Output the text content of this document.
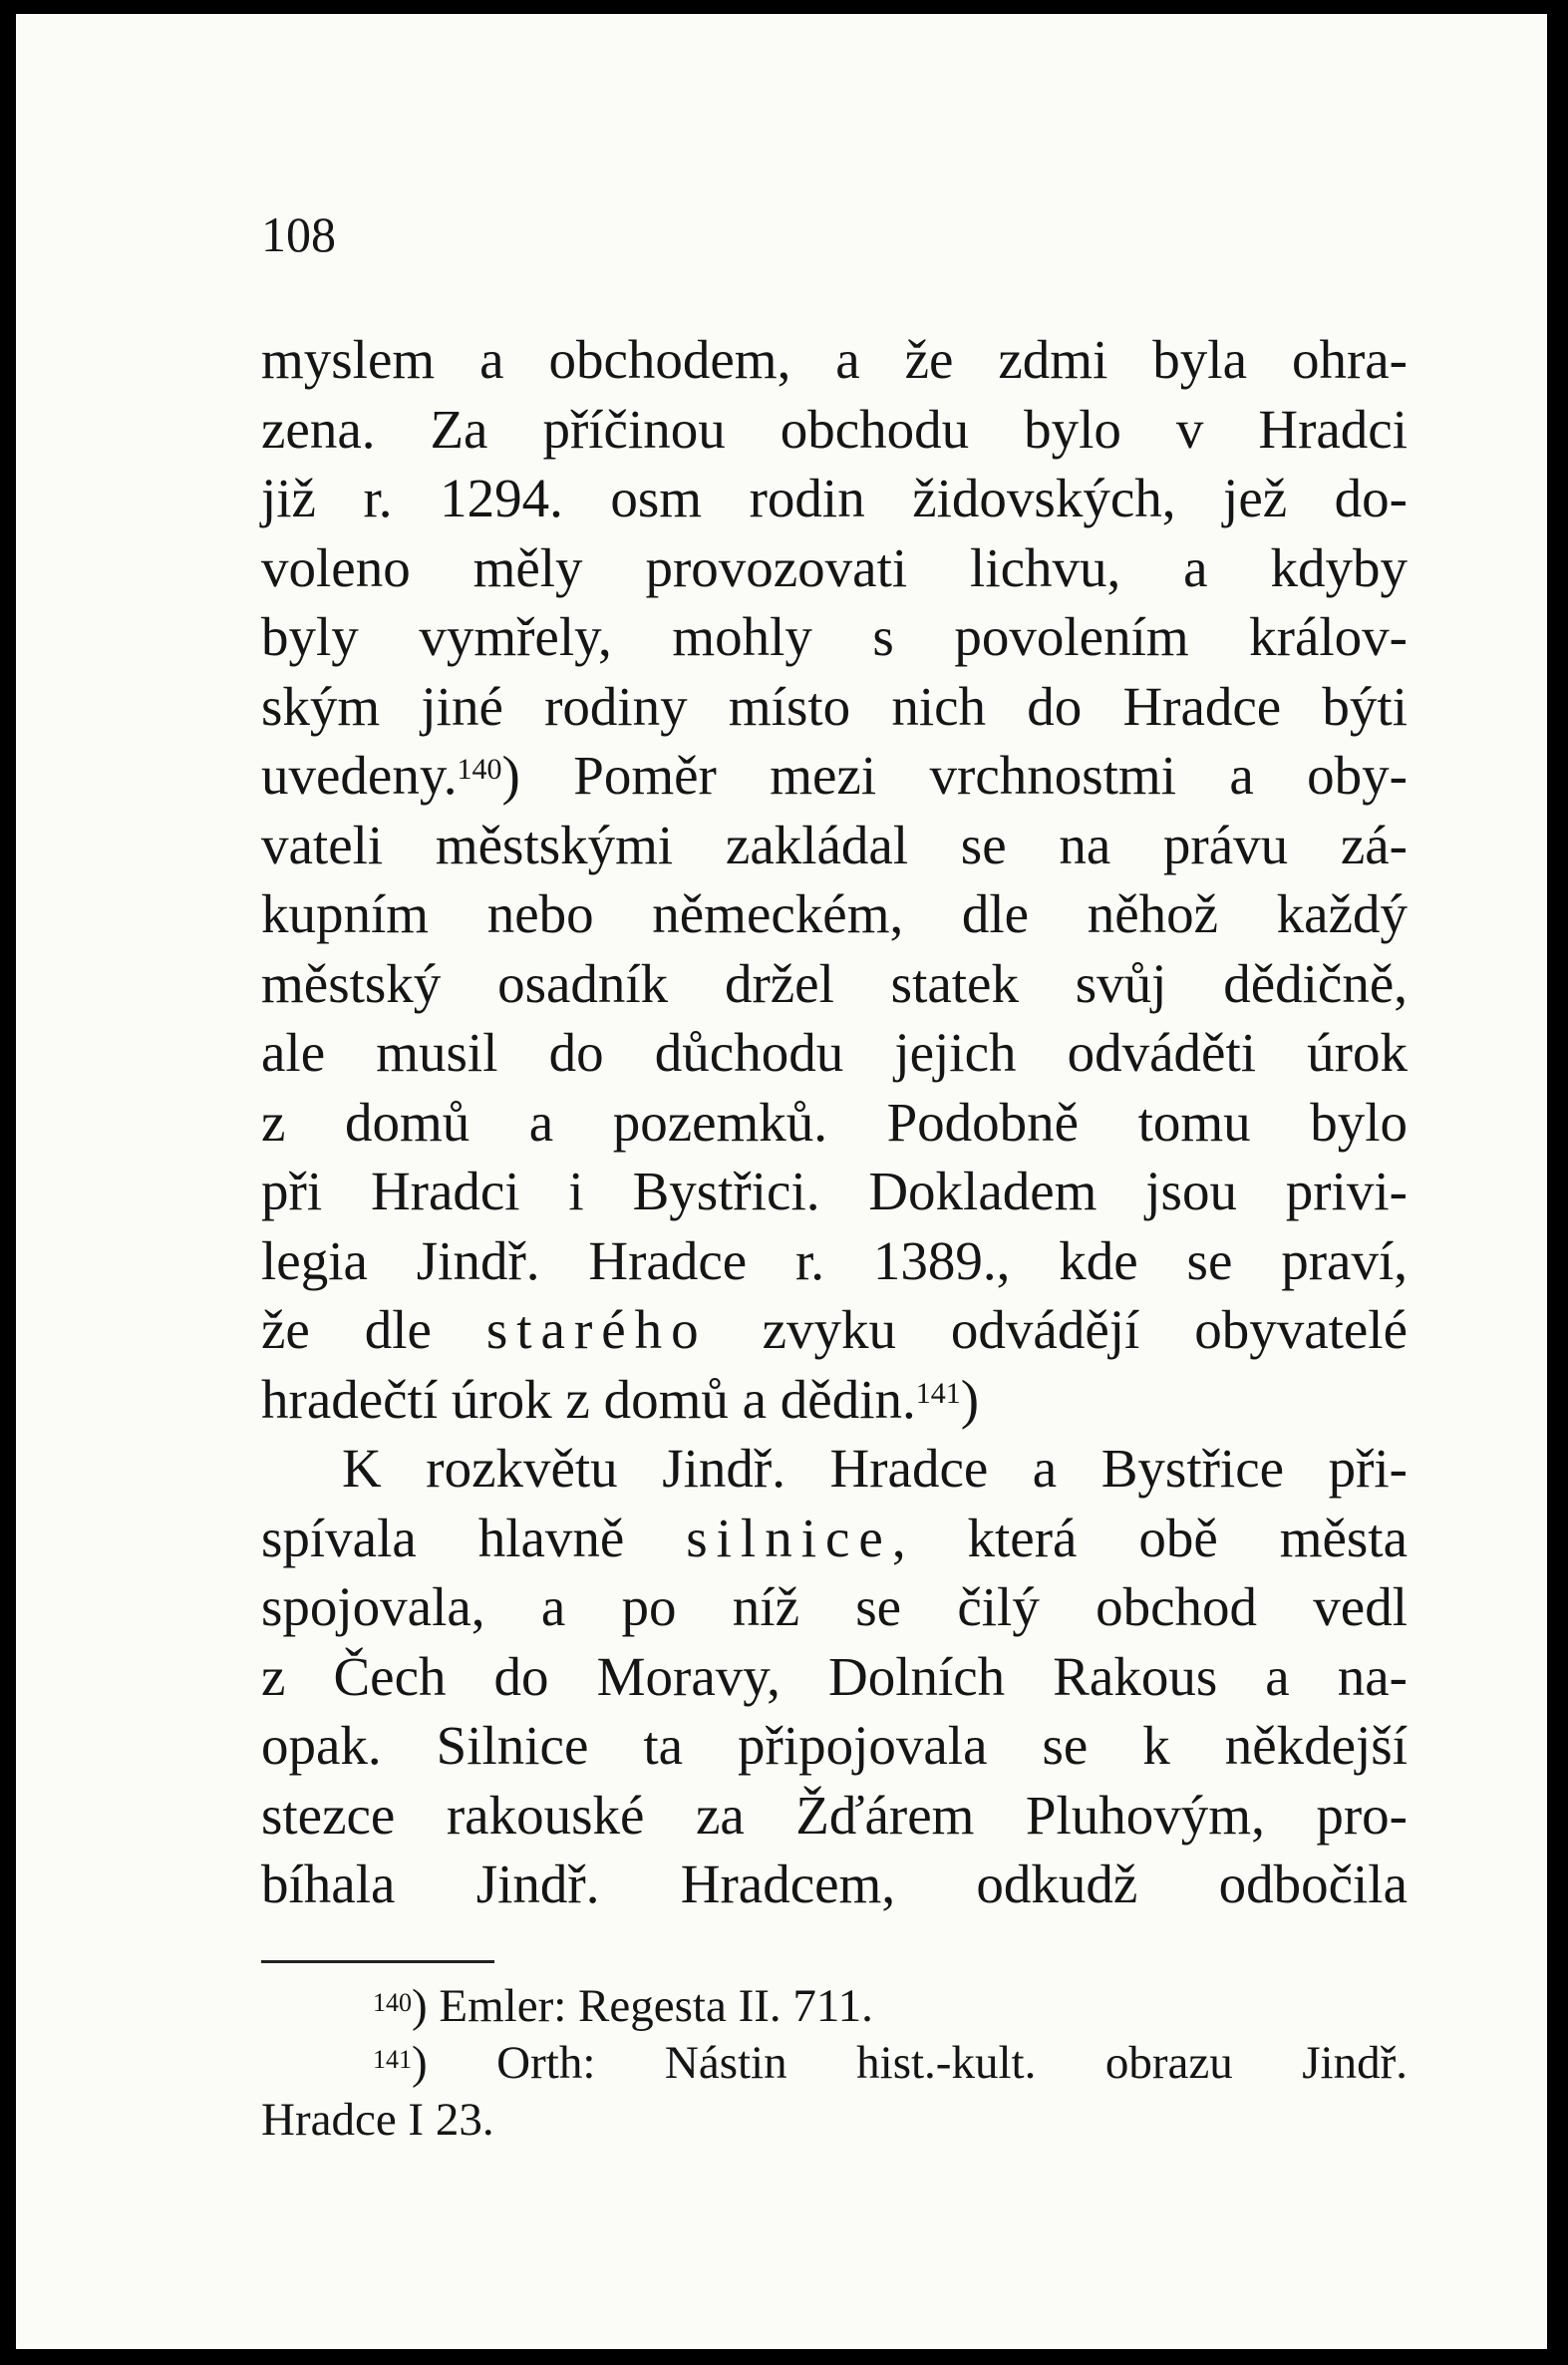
108
myslem a obchodem, a že zdmi byla ohra-
zena. Za příčinou obchodu bylo v Hradci
již r. 1294. osm rodin židovských, jež do-
voleno měly provozovati lichvu, a kdyby
byly vymřely, mohly s povolením králov-
ským jiné rodiny místo nich do Hradce býti
uvedeny.$^{140}$) Poměr mezi vrchnostmi a oby-
vateli městskými zakládal se na právu zá-
kupním nebo německém, dle něhož každý
městský osadník držel statek svůj dědičně,
ale musil do důchodu jejich odváděti úrok
z domů a pozemků. Podobně tomu bylo
při Hradci i Bystřici. Dokladem jsou privi-
legia Jindř. Hradce r. 1389., kde se praví,
že dle starého zvyku odvádějí obyvatelé
hradečtí úrok z domů a dědin.$^{141}$)
K rozkvětu Jindř. Hradce a Bystřice při-
spívala hlavně silnice, která obě města
spojovala, a po níž se čilý obchod vedl
z Čech do Moravy, Dolních Rakous a na-
opak. Silnice ta připojovala se k někdejší
stezce rakouské za Žďárem Pluhovým, pro-
bíhala Jindř. Hradcem, odkudž odbočila
$^{140}$) Emler: Regesta II. 711.
$^{141}$) Orth: Nástin hist.-kult. obrazu Jindř.
Hradce I 23.
